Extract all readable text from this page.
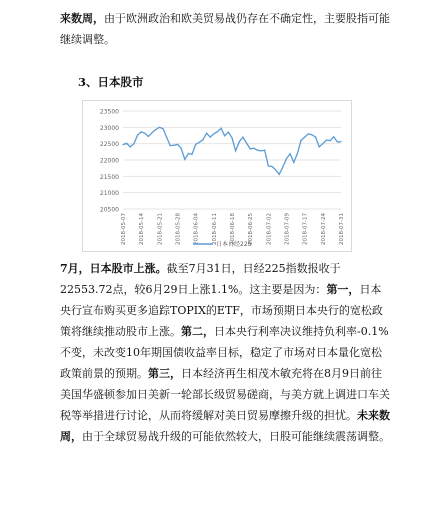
来数周，由于欧洲政治和欧美贸易战仍存在不确定性，主要股指可能继续调整。

3、日本股市

20500
21000
21500
22000
22500
23000
23500
2018-05-07 2018-05-14 2018-05-21 2018-05-28 2018-06-04 2018-06-11 2018-06-18 2018-06-25 2018-07-02 2018-07-09 2018-07-17 2018-07-24 2018-07-31
日本日经225

7月，日本股市上涨。截至7月31日，日经225指数报收于22553.72点，较6月29日上涨1.1%。这主要是因为：第一，日本央行宣布购买更多追踪TOPIX的ETF，市场预期日本央行的宽松政策将继续推动股市上涨。第二，日本央行利率决议维持负利率-0.1%不变，未改变10年期国债收益率目标，稳定了市场对日本量化宽松政策前景的预期。第三，日本经济再生相茂木敏充将在8月9日前往美国华盛顿参加日美新一轮部长级贸易磋商，与美方就上调进口车关税等举措进行讨论，从而将缓解对美日贸易摩擦升级的担忧。未来数周，由于全球贸易战升级的可能依然较大，日股可能继续震荡调整。
